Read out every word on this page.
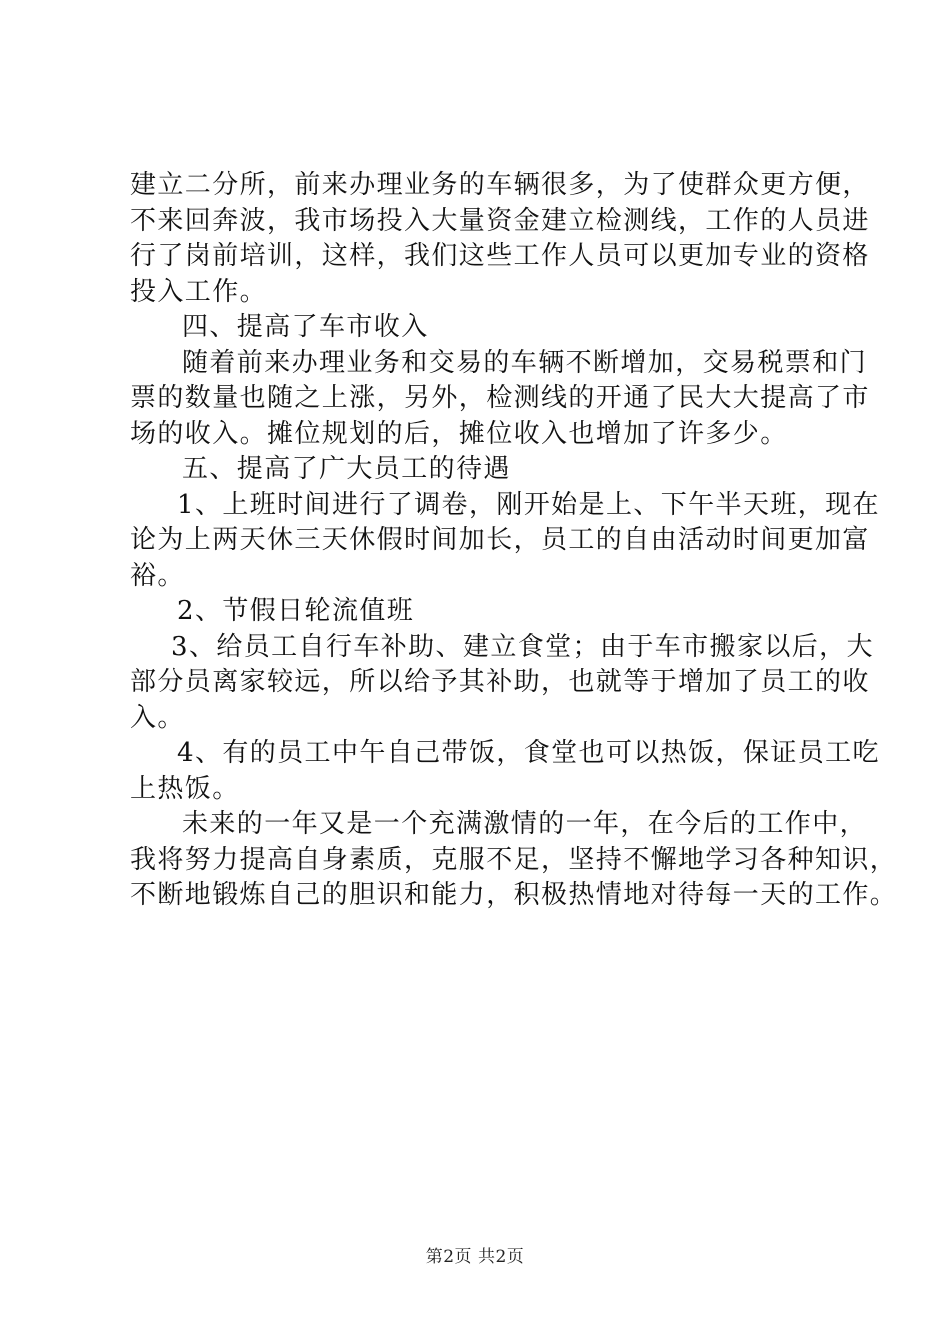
建立二分所，前来办理业务的车辆很多，为了使群众更方便，
不来回奔波，我市场投入大量资金建立检测线，工作的人员进
行了岗前培训，这样，我们这些工作人员可以更加专业的资格
投入工作。
四、提高了车市收入
随着前来办理业务和交易的车辆不断增加，交易税票和门
票的数量也随之上涨，另外，检测线的开通了民大大提高了市
场的收入。摊位规划的后，摊位收入也增加了许多少。
五、提高了广大员工的待遇
1、上班时间进行了调卷，刚开始是上、下午半天班，现在
论为上两天休三天休假时间加长，员工的自由活动时间更加富
裕。
2、节假日轮流值班
3、给员工自行车补助、建立食堂；由于车市搬家以后，大
部分员离家较远，所以给予其补助，也就等于增加了员工的收
入。
4、有的员工中午自己带饭，食堂也可以热饭，保证员工吃
上热饭。
未来的一年又是一个充满激情的一年，在今后的工作中，
我将努力提高自身素质，克服不足，坚持不懈地学习各种知识，
不断地锻炼自己的胆识和能力，积极热情地对待每一天的工作。
第2页 共2页
